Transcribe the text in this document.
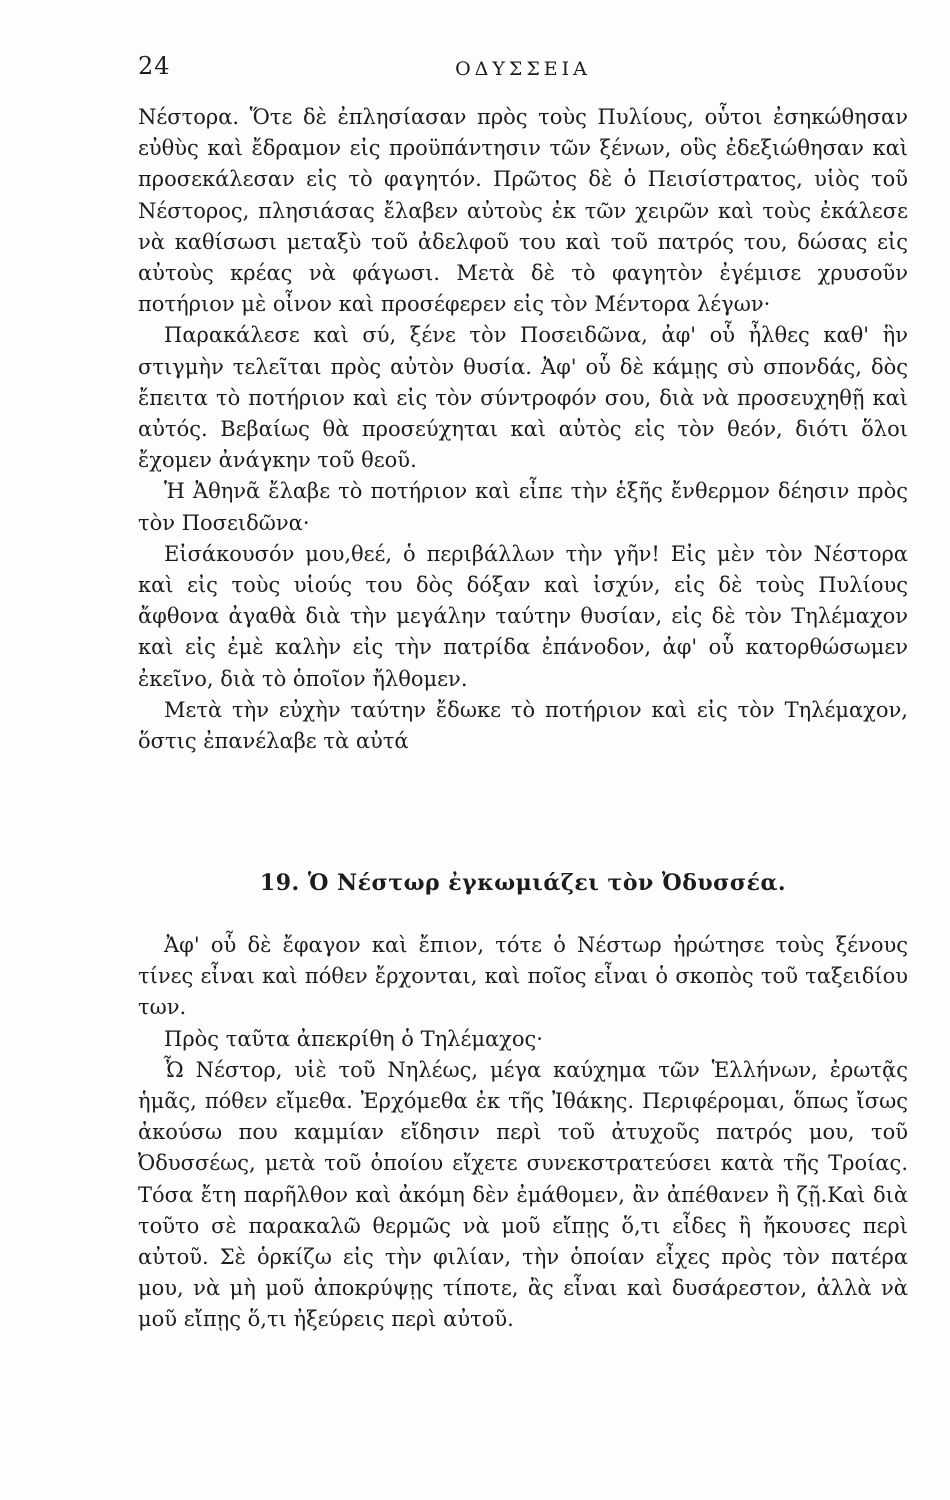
24	ΟΔΥΣΣΕΙΑ

Νέστορα. Ὅτε δὲ ἐπλησίασαν πρὸς τοὺς Πυλίους, οὗτοι ἐσηκώθησαν εὐθὺς καὶ ἔδραμον εἰς προϋπάντησιν τῶν ξένων, οὓς ἐδεξιώθησαν καὶ προσεκάλεσαν εἰς τὸ φαγητόν. Πρῶτος δὲ ὁ Πεισίστρατος, υἱὸς τοῦ Νέστορος, πλησιάσας ἔλαβεν αὐτοὺς ἐκ τῶν χειρῶν καὶ τοὺς ἐκάλεσε νὰ καθίσωσι μεταξὺ τοῦ ἀδελφοῦ του καὶ τοῦ πατρός του, δώσας εἰς αὐτοὺς κρέας νὰ φάγωσι. Μετὰ δὲ τὸ φαγητὸν ἐγέμισε χρυσοῦν ποτήριον μὲ οἶνον καὶ προσέφερεν εἰς τὸν Μέντορα λέγων·

Παρακάλεσε καὶ σύ, ξένε τὸν Ποσειδῶνα, ἀφ' οὗ ἦλθες καθ' ἣν στιγμὴν τελεῖται πρὸς αὐτὸν θυσία. Ἀφ' οὗ δὲ κάμῃς σὺ σπονδάς, δὸς ἔπειτα τὸ ποτήριον καὶ εἰς τὸν σύντροφόν σου, διὰ νὰ προσευχηθῇ καὶ αὐτός. Βεβαίως θὰ προσεύχηται καὶ αὐτὸς εἰς τὸν θεόν, διότι ὅλοι ἔχομεν ἀνάγκην τοῦ θεοῦ.

Ἡ Ἀθηνᾶ ἔλαβε τὸ ποτήριον καὶ εἶπε τὴν ἑξῆς ἔνθερμον δέησιν πρὸς τὸν Ποσειδῶνα·

Εἰσάκουσόν μου,θεέ, ὁ περιβάλλων τὴν γῆν! Εἰς μὲν τὸν Νέστορα καὶ εἰς τοὺς υἱούς του δὸς δόξαν καὶ ἰσχύν, εἰς δὲ τοὺς Πυλίους ἄφθονα ἀγαθὰ διὰ τὴν μεγάλην ταύτην θυσίαν, εἰς δὲ τὸν Τηλέμαχον καὶ εἰς ἐμὲ καλὴν εἰς τὴν πατρίδα ἐπάνοδον, ἀφ' οὗ κατορθώσωμεν ἐκεῖνο, διὰ τὸ ὁποῖον ἤλθομεν.

Μετὰ τὴν εὐχὴν ταύτην ἔδωκε τὸ ποτήριον καὶ εἰς τὸν Τηλέμαχον, ὅστις ἐπανέλαβε τὰ αὐτά

19. Ὁ Νέστωρ ἐγκωμιάζει τὸν Ὀδυσσέα.

Ἀφ' οὗ δὲ ἔφαγον καὶ ἔπιον, τότε ὁ Νέστωρ ἠρώτησε τοὺς ξένους τίνες εἶναι καὶ πόθεν ἔρχονται, καὶ ποῖος εἶναι ὁ σκοπὸς τοῦ ταξειδίου των.

Πρὸς ταῦτα ἀπεκρίθη ὁ Τηλέμαχος·

Ὦ Νέστορ, υἱὲ τοῦ Νηλέως, μέγα καύχημα τῶν Ἑλλήνων, ἐρωτᾷς ἡμᾶς, πόθεν εἴμεθα. Ἐρχόμεθα ἐκ τῆς Ἰθάκης. Περιφέρομαι, ὅπως ἴσως ἀκούσω που καμμίαν εἴδησιν περὶ τοῦ ἀτυχοῦς πατρός μου, τοῦ Ὀδυσσέως, μετὰ τοῦ ὁποίου εἴχετε συνεκστρατεύσει κατὰ τῆς Τροίας. Τόσα ἔτη παρῆλθον καὶ ἀκόμη δὲν ἐμάθομεν, ἂν ἀπέθανεν ἢ ζῇ.Καὶ διὰ τοῦτο σὲ παρακαλῶ θερμῶς νὰ μοῦ εἴπῃς ὅ,τι εἶδες ἢ ἤκουσες περὶ αὐτοῦ. Σὲ ὁρκίζω εἰς τὴν φιλίαν, τὴν ὁποίαν εἶχες πρὸς τὸν πατέρα μου, νὰ μὴ μοῦ ἀποκρύψῃς τίποτε, ἂς εἶναι καὶ δυσάρεστον, ἀλλὰ νὰ μοῦ εἴπῃς ὅ,τι ἠξεύρεις περὶ αὐτοῦ.
